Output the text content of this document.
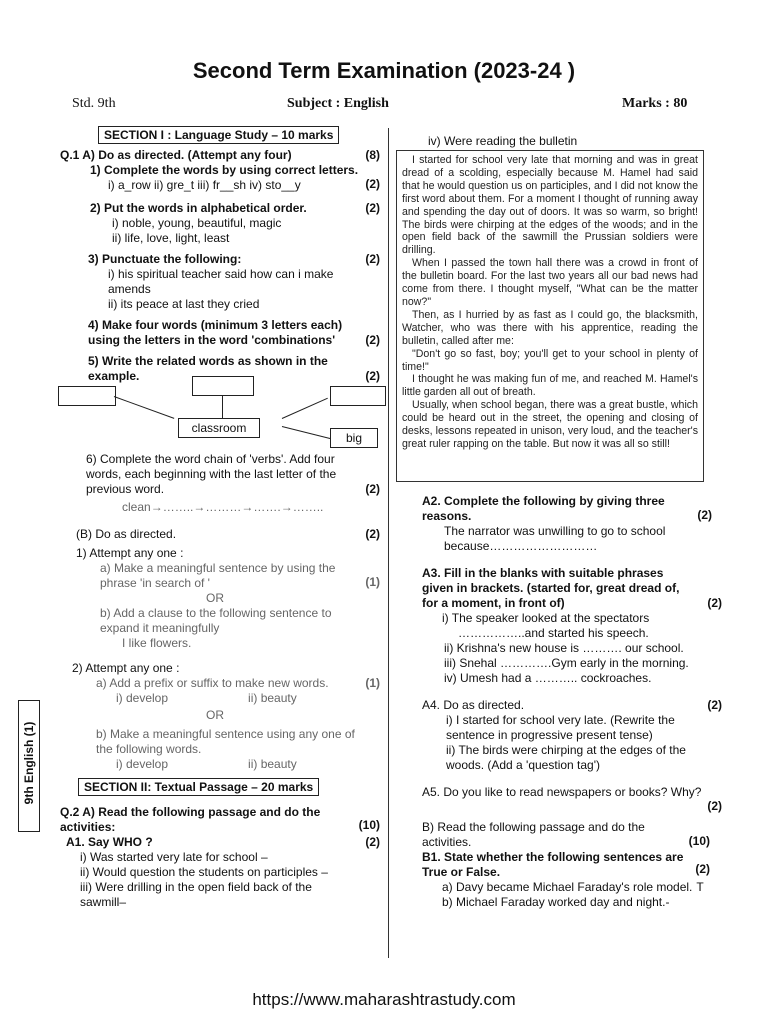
Second Term Examination (2023-24 )
Std. 9th	Subject : English	Marks : 80
SECTION I : Language Study – 10 marks
Q.1 A) Do as directed. (Attempt any four)	(8)
1) Complete the words by using correct letters.
(2)
i) a_row ii) gre_t iii) fr__sh iv) sto__y
2) Put the words in alphabetical order.	(2)
i) noble, young, beautiful, magic
ii) life, love, light, least
3) Punctuate the following:	(2)
i) his spiritual teacher said how can i make amends
ii) its peace at last they cried
4) Make four words (minimum 3 letters each) using the letters in the word 'combinations'	(2)
5) Write the related words as shown in the example.	(2)
classroom
big
6) Complete the word chain of 'verbs'. Add four words, each beginning with the last letter of the previous word.	(2)
clean→……..→………→…….→……..
(B) Do as directed.	(2)
1) Attempt any one :
a) Make a meaningful sentence by using the phrase 'in search of '	(1)
OR
b) Add a clause to the following sentence to expand it meaningfully
I like flowers.
2) Attempt any one :
a) Add a prefix or suffix to make new words.	(1)
i) develop	ii) beauty
OR
b) Make a meaningful sentence using any one of the following words.
i) develop	ii) beauty
SECTION II: Textual Passage – 20 marks
Q.2 A) Read the following passage and do the activities:	(10)
A1. Say WHO ?	(2)
i) Was started very late for school –
ii) Would question the students on participles –
iii) Were drilling in the open field back of the sawmill–
9th English (1)
iv) Were reading the bulletin

I started for school very late that morning and was in great dread of a scolding, especially because M. Hamel had said that he would question us on participles, and I did not know the first word about them. For a moment I thought of running away and spending the day out of doors. It was so warm, so bright! The birds were chirping at the edges of the woods; and in the open field back of the sawmill the Prussian soldiers were drilling.

When I passed the town hall there was a crowd in front of the bulletin board. For the last two years all our bad news had come from there. I thought myself, "What can be the matter now?"

Then, as I hurried by as fast as I could go, the blacksmith, Watcher, who was there with his apprentice, reading the bulletin, called after me:

"Don't go so fast, boy; you'll get to your school in plenty of time!"

I thought he was making fun of me, and reached M. Hamel's little garden all out of breath.

Usually, when school began, there was a great bustle, which could be heard out in the street, the opening and closing of desks, lessons repeated in unison, very loud, and the teacher's great ruler rapping on the table. But now it was all so still!

A2. Complete the following by giving three reasons.	(2)
The narrator was unwilling to go to school
because………………………
A3. Fill in the blanks with suitable phrases given in brackets. (started for, great dread of, for a moment, in front of)	(2)
i) The speaker looked at the spectators
……………..and started his speech.
ii) Krishna's new house is ………. our school.
iii) Snehal ………….Gym early in the morning.
iv) Umesh had a ……….. cockroaches.
A4. Do as directed.	(2)
i) I started for school very late. (Rewrite the sentence in progressive present tense)
ii) The birds were chirping at the edges of the woods. (Add a 'question tag')
A5. Do you like to read newspapers or books? Why?
(2)
B) Read the following passage and do the activities.	(10)
B1. State whether the following sentences are True or False.	(2)
a) Davy became Michael Faraday's role model. T
b) Michael Faraday worked day and night.-
https://www.maharashtrastudy.com
